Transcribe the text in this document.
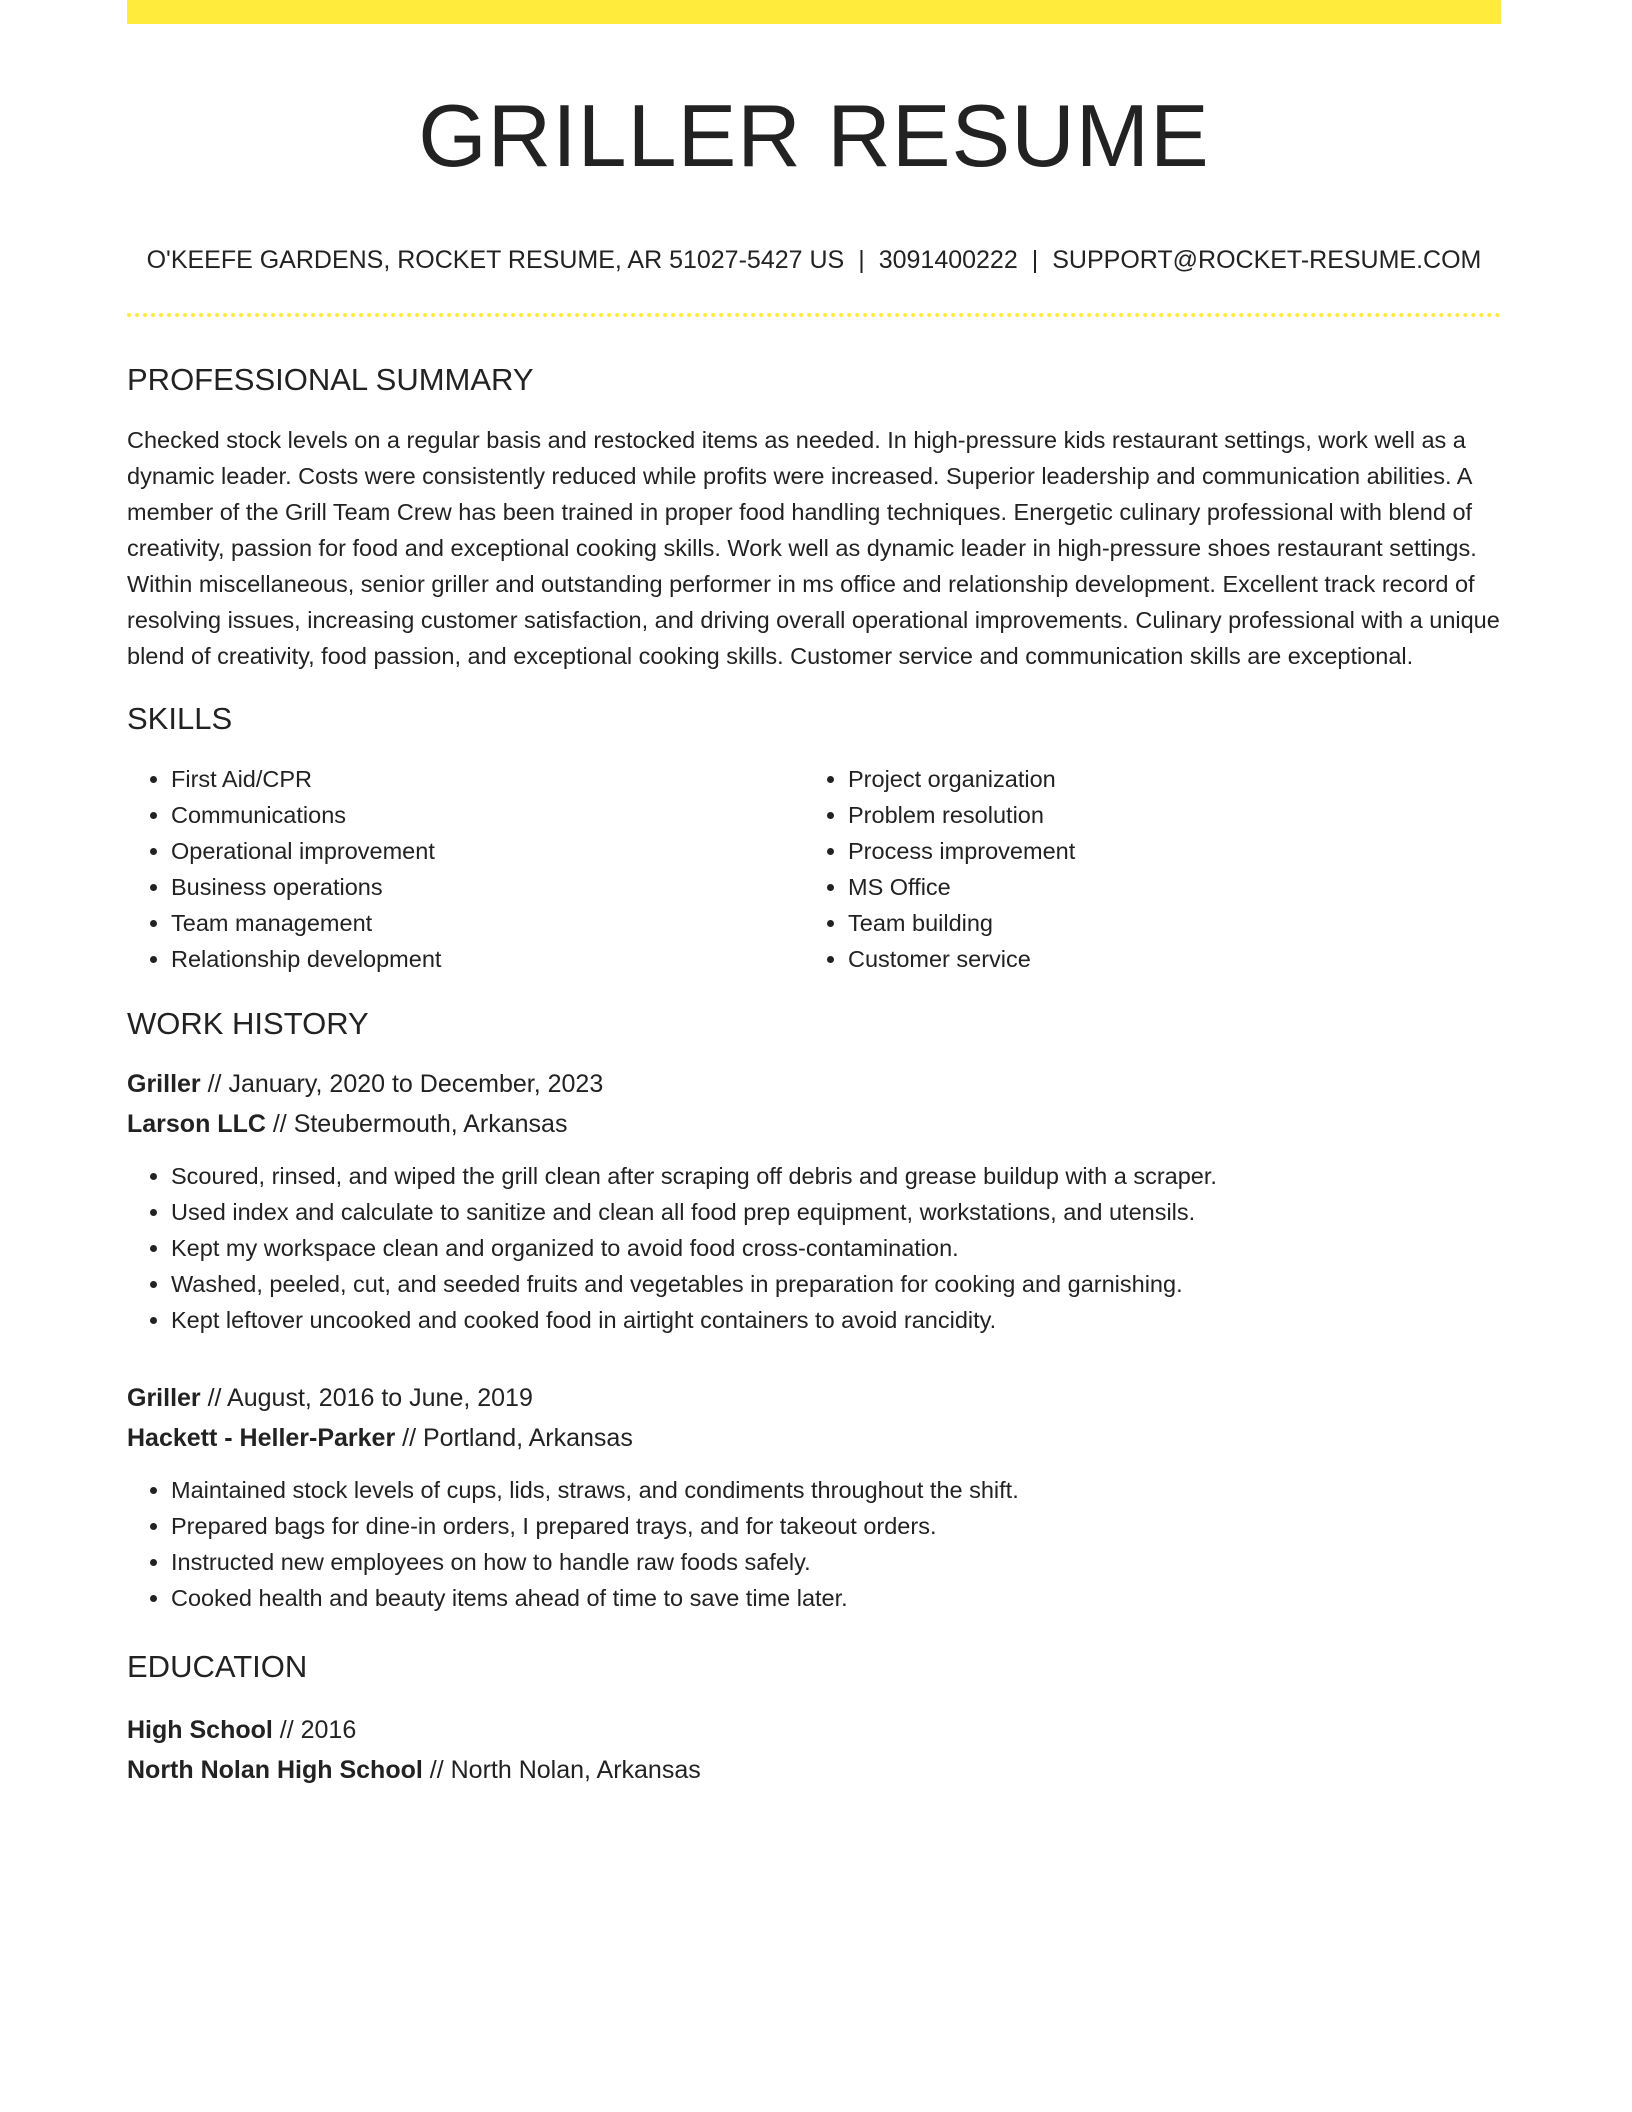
GRILLER RESUME
O'KEEFE GARDENS, ROCKET RESUME, AR 51027-5427 US | 3091400222 | SUPPORT@ROCKET-RESUME.COM
PROFESSIONAL SUMMARY

Checked stock levels on a regular basis and restocked items as needed. In high-pressure kids restaurant settings, work well as a dynamic leader. Costs were consistently reduced while profits were increased. Superior leadership and communication abilities. A member of the Grill Team Crew has been trained in proper food handling techniques. Energetic culinary professional with blend of creativity, passion for food and exceptional cooking skills. Work well as dynamic leader in high-pressure shoes restaurant settings. Within miscellaneous, senior griller and outstanding performer in ms office and relationship development. Excellent track record of resolving issues, increasing customer satisfaction, and driving overall operational improvements. Culinary professional with a unique blend of creativity, food passion, and exceptional cooking skills. Customer service and communication skills are exceptional.

SKILLS
• First Aid/CPR
• Communications
• Operational improvement
• Business operations
• Team management
• Relationship development
• Project organization
• Problem resolution
• Process improvement
• MS Office
• Team building
• Customer service
WORK HISTORY
Griller // January, 2020 to December, 2023
Larson LLC // Steubermouth, Arkansas
• Scoured, rinsed, and wiped the grill clean after scraping off debris and grease buildup with a scraper.
• Used index and calculate to sanitize and clean all food prep equipment, workstations, and utensils.
• Kept my workspace clean and organized to avoid food cross-contamination.
• Washed, peeled, cut, and seeded fruits and vegetables in preparation for cooking and garnishing.
• Kept leftover uncooked and cooked food in airtight containers to avoid rancidity.
Griller // August, 2016 to June, 2019
Hackett - Heller-Parker // Portland, Arkansas
• Maintained stock levels of cups, lids, straws, and condiments throughout the shift.
• Prepared bags for dine-in orders, I prepared trays, and for takeout orders.
• Instructed new employees on how to handle raw foods safely.
• Cooked health and beauty items ahead of time to save time later.
EDUCATION
High School // 2016
North Nolan High School // North Nolan, Arkansas
